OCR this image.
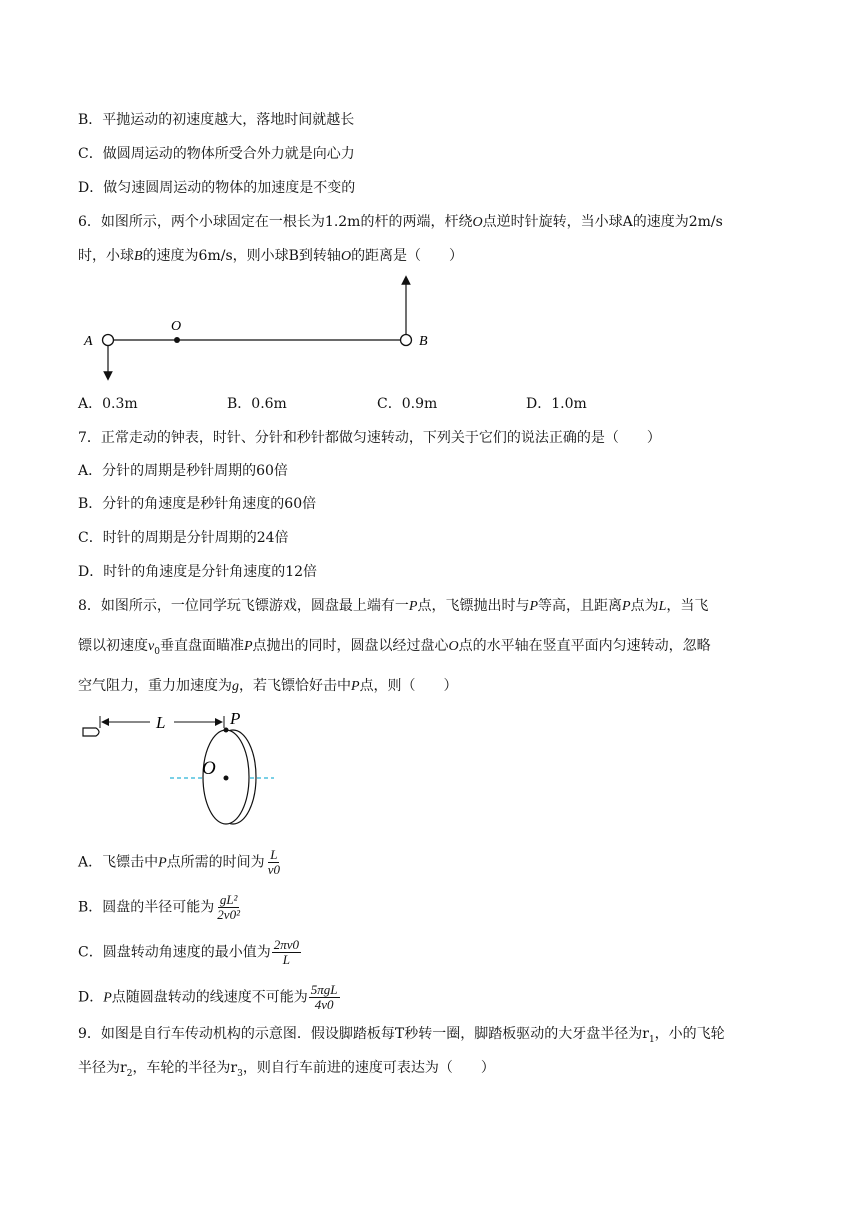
B．平抛运动的初速度越大，落地时间就越长
C．做圆周运动的物体所受合外力就是向心力
D．做匀速圆周运动的物体的加速度是不变的
6．如图所示，两个小球固定在一根长为1.2m的杆的两端，杆绕O点逆时针旋转，当小球A的速度为2m/s
时，小球B的速度为6m/s，则小球B到转轴O的距离是（　　）
A
O
B
A．0.3m	B．0.6m	C．0.9m	D．1.0m
7．正常走动的钟表，时针、分针和秒针都做匀速转动，下列关于它们的说法正确的是（　　）
A．分针的周期是秒针周期的60倍
B．分针的角速度是秒针角速度的60倍
C．时针的周期是分针周期的24倍
D．时针的角速度是分针角速度的12倍
8．如图所示，一位同学玩飞镖游戏，圆盘最上端有一P点，飞镖抛出时与P等高，且距离P点为L，当飞
镖以初速度$v_0$垂直盘面瞄准P点抛出的同时，圆盘以经过盘心O点的水平轴在竖直平面内匀速转动，忽略
空气阻力，重力加速度为g，若飞镖恰好击中P点，则（　　）
L	P
O
A．飞镖击中P点所需的时间为 $\frac{L}{v0}$
B．圆盘的半径可能为 $\frac{\text{gL²}}{\text{2v0²}}$
C．圆盘转动角速度的最小值为 $\frac{2\pi v0}{L}$
D．P点随圆盘转动的线速度不可能为 $\frac{\text{5πgL}}{4v0}$
9．如图是自行车传动机构的示意图．假设脚踏板每T秒转一圈，脚踏板驱动的大牙盘半径为$r_1$，小的飞轮
半径为$r_2$，车轮的半径为$r_3$，则自行车前进的速度可表达为（　　）
